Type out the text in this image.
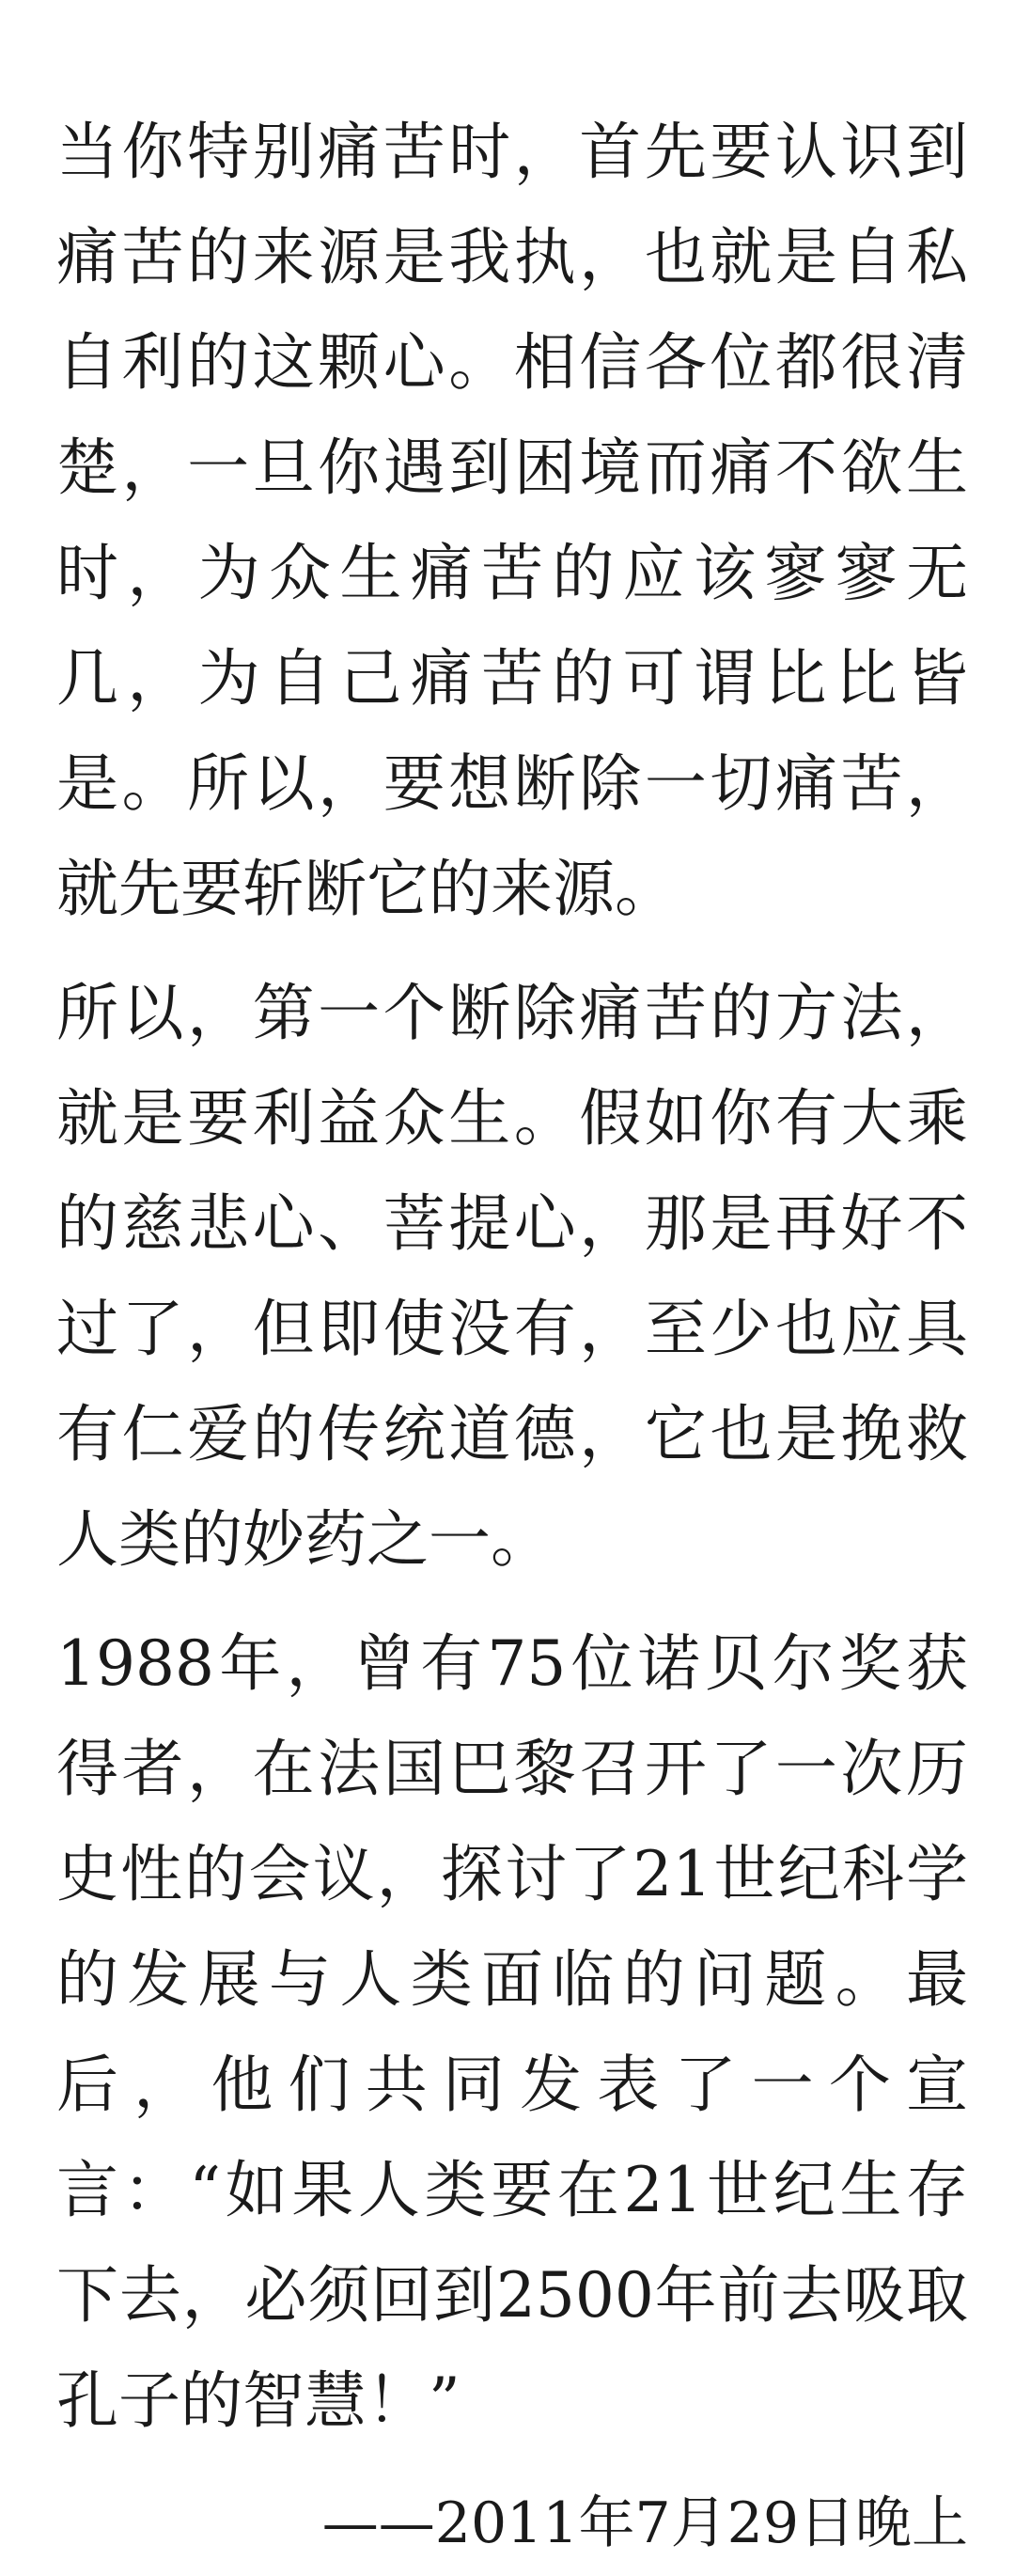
当你特别痛苦时，首先要认识到痛苦的来源是我执，也就是自私自利的这颗心。相信各位都很清楚，一旦你遇到困境而痛不欲生时，为众生痛苦的应该寥寥无几，为自己痛苦的可谓比比皆是。所以，要想断除一切痛苦，就先要斩断它的来源。

所以，第一个断除痛苦的方法，就是要利益众生。假如你有大乘的慈悲心、菩提心，那是再好不过了，但即使没有，至少也应具有仁爱的传统道德，它也是挽救人类的妙药之一。

1988年，曾有75位诺贝尔奖获得者，在法国巴黎召开了一次历史性的会议，探讨了21世纪科学的发展与人类面临的问题。最后，他们共同发表了一个宣言：“如果人类要在21世纪生存下去，必须回到2500年前去吸取孔子的智慧！”

——2011年7月29日晚上
